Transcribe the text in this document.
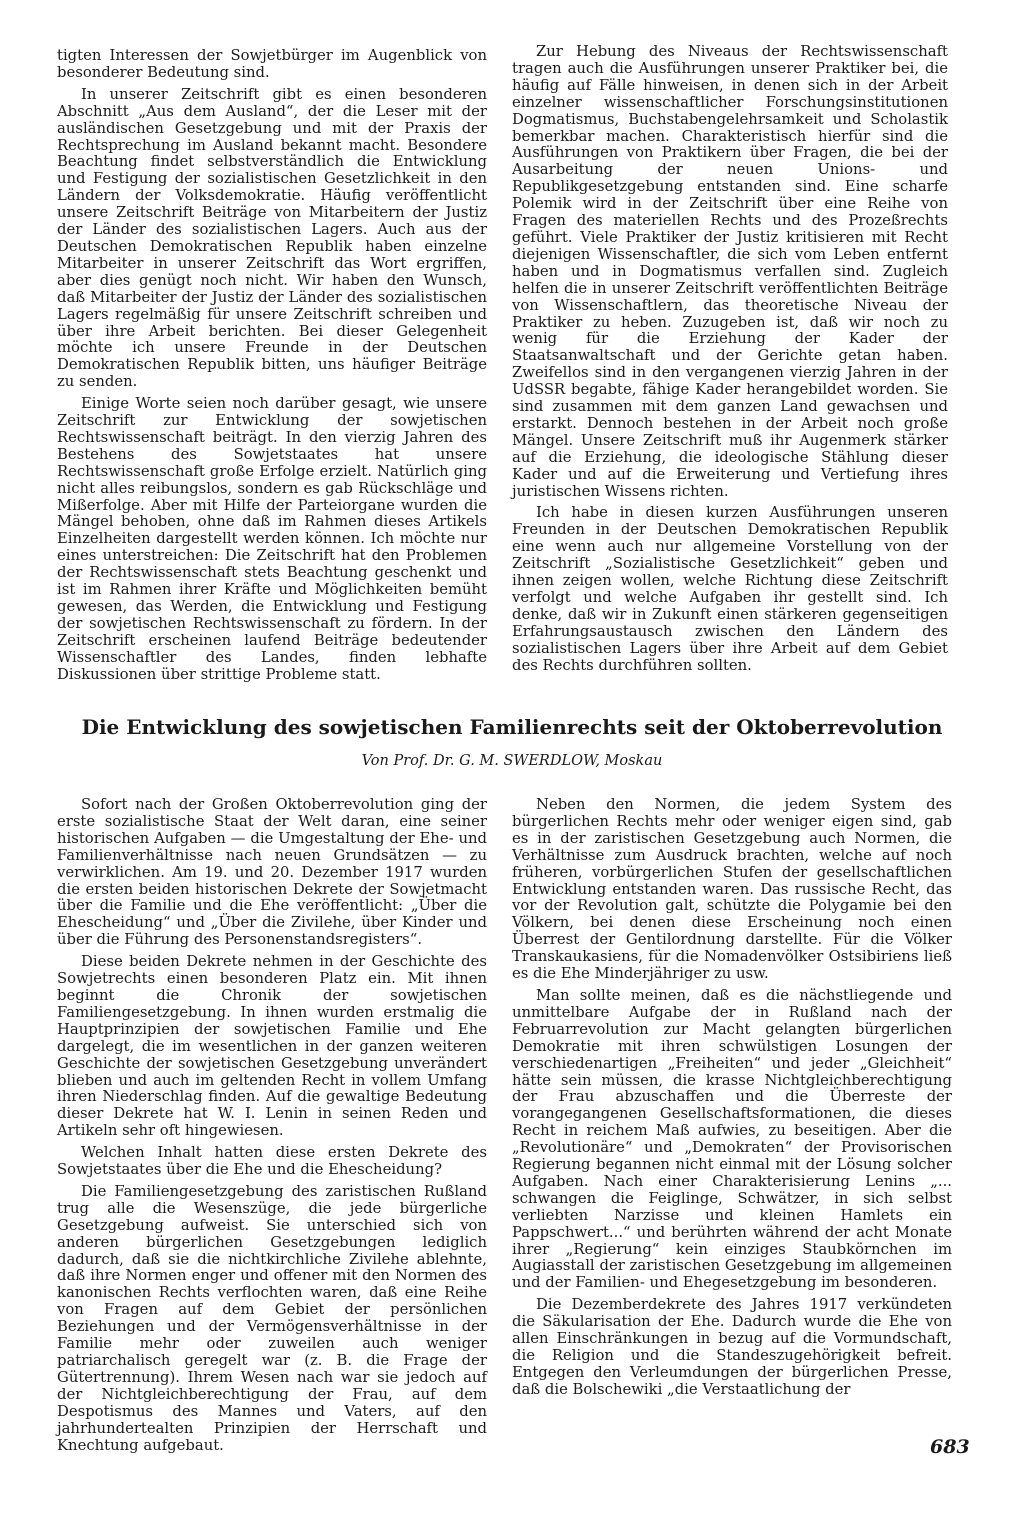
tigten Interessen der Sowjetbürger im Augenblick von besonderer Bedeutung sind.

In unserer Zeitschrift gibt es einen besonderen Abschnitt „Aus dem Ausland“, der die Leser mit der ausländischen Gesetzgebung und mit der Praxis der Rechtsprechung im Ausland bekannt macht. Besondere Beachtung findet selbstverständlich die Entwicklung und Festigung der sozialistischen Gesetzlichkeit in den Ländern der Volksdemokratie. Häufig veröffentlicht unsere Zeitschrift Beiträge von Mitarbeitern der Justiz der Länder des sozialistischen Lagers. Auch aus der Deutschen Demokratischen Republik haben einzelne Mitarbeiter in unserer Zeitschrift das Wort ergriffen, aber dies genügt noch nicht. Wir haben den Wunsch, daß Mitarbeiter der Justiz der Länder des sozialistischen Lagers regelmäßig für unsere Zeitschrift schreiben und über ihre Arbeit berichten. Bei dieser Gelegenheit möchte ich unsere Freunde in der Deutschen Demokratischen Republik bitten, uns häufiger Beiträge zu senden.

Einige Worte seien noch darüber gesagt, wie unsere Zeitschrift zur Entwicklung der sowjetischen Rechtswissenschaft beiträgt. In den vierzig Jahren des Bestehens des Sowjetstaates hat unsere Rechtswissenschaft große Erfolge erzielt. Natürlich ging nicht alles reibungslos, sondern es gab Rückschläge und Mißerfolge. Aber mit Hilfe der Parteiorgane wurden die Mängel behoben, ohne daß im Rahmen dieses Artikels Einzelheiten dargestellt werden können. Ich möchte nur eines unterstreichen: Die Zeitschrift hat den Problemen der Rechtswissenschaft stets Beachtung geschenkt und ist im Rahmen ihrer Kräfte und Möglichkeiten bemüht gewesen, das Werden, die Entwicklung und Festigung der sowjetischen Rechtswissenschaft zu fördern. In der Zeitschrift erscheinen laufend Beiträge bedeutender Wissenschaftler des Landes, finden lebhafte Diskussionen über strittige Probleme statt.

Zur Hebung des Niveaus der Rechtswissenschaft tragen auch die Ausführungen unserer Praktiker bei, die häufig auf Fälle hinweisen, in denen sich in der Arbeit einzelner wissenschaftlicher Forschungsinstitutionen Dogmatismus, Buchstabengelehrsamkeit und Scholastik bemerkbar machen. Charakteristisch hierfür sind die Ausführungen von Praktikern über Fragen, die bei der Ausarbeitung der neuen Unions- und Republikgesetzgebung entstanden sind. Eine scharfe Polemik wird in der Zeitschrift über eine Reihe von Fragen des materiellen Rechts und des Prozeßrechts geführt. Viele Praktiker der Justiz kritisieren mit Recht diejenigen Wissenschaftler, die sich vom Leben entfernt haben und in Dogmatismus verfallen sind. Zugleich helfen die in unserer Zeitschrift veröffentlichten Beiträge von Wissenschaftlern, das theoretische Niveau der Praktiker zu heben. Zuzugeben ist, daß wir noch zu wenig für die Erziehung der Kader der Staatsanwaltschaft und der Gerichte getan haben. Zweifellos sind in den vergangenen vierzig Jahren in der UdSSR begabte, fähige Kader herangebildet worden. Sie sind zusammen mit dem ganzen Land gewachsen und erstarkt. Dennoch bestehen in der Arbeit noch große Mängel. Unsere Zeitschrift muß ihr Augenmerk stärker auf die Erziehung, die ideologische Stählung dieser Kader und auf die Erweiterung und Vertiefung ihres juristischen Wissens richten.

Ich habe in diesen kurzen Ausführungen unseren Freunden in der Deutschen Demokratischen Republik eine wenn auch nur allgemeine Vorstellung von der Zeitschrift „Sozialistische Gesetzlichkeit“ geben und ihnen zeigen wollen, welche Richtung diese Zeitschrift verfolgt und welche Aufgaben ihr gestellt sind. Ich denke, daß wir in Zukunft einen stärkeren gegenseitigen Erfahrungsaustausch zwischen den Ländern des sozialistischen Lagers über ihre Arbeit auf dem Gebiet des Rechts durchführen sollten.

Die Entwicklung des sowjetischen Familienrechts seit der Oktoberrevolution
Von Prof. Dr. G. M. SWERDLOW, Moskau

Sofort nach der Großen Oktoberrevolution ging der erste sozialistische Staat der Welt daran, eine seiner historischen Aufgaben — die Umgestaltung der Ehe- und Familienverhältnisse nach neuen Grundsätzen — zu verwirklichen. Am 19. und 20. Dezember 1917 wurden die ersten beiden historischen Dekrete der Sowjetmacht über die Familie und die Ehe veröffentlicht: „Über die Ehescheidung“ und „Über die Zivilehe, über Kinder und über die Führung des Personenstandsregisters“.

Diese beiden Dekrete nehmen in der Geschichte des Sowjetrechts einen besonderen Platz ein. Mit ihnen beginnt die Chronik der sowjetischen Familiengesetzgebung. In ihnen wurden erstmalig die Hauptprinzipien der sowjetischen Familie und Ehe dargelegt, die im wesentlichen in der ganzen weiteren Geschichte der sowjetischen Gesetzgebung unverändert blieben und auch im geltenden Recht in vollem Umfang ihren Niederschlag finden. Auf die gewaltige Bedeutung dieser Dekrete hat W. I. Lenin in seinen Reden und Artikeln sehr oft hingewiesen.

Welchen Inhalt hatten diese ersten Dekrete des Sowjetstaates über die Ehe und die Ehescheidung?

Die Familiengesetzgebung des zaristischen Rußland trug alle die Wesenszüge, die jede bürgerliche Gesetzgebung aufweist. Sie unterschied sich von anderen bürgerlichen Gesetzgebungen lediglich dadurch, daß sie die nichtkirchliche Zivilehe ablehnte, daß ihre Normen enger und offener mit den Normen des kanonischen Rechts verflochten waren, daß eine Reihe von Fragen auf dem Gebiet der persönlichen Beziehungen und der Vermögensverhältnisse in der Familie mehr oder zuweilen auch weniger patriarchalisch geregelt war (z. B. die Frage der Gütertrennung). Ihrem Wesen nach war sie jedoch auf der Nichtgleichberechtigung der Frau, auf dem Despotismus des Mannes und Vaters, auf den jahrhundertealten Prinzipien der Herrschaft und Knechtung aufgebaut.

Neben den Normen, die jedem System des bürgerlichen Rechts mehr oder weniger eigen sind, gab es in der zaristischen Gesetzgebung auch Normen, die Verhältnisse zum Ausdruck brachten, welche auf noch früheren, vorbürgerlichen Stufen der gesellschaftlichen Entwicklung entstanden waren. Das russische Recht, das vor der Revolution galt, schützte die Polygamie bei den Völkern, bei denen diese Erscheinung noch einen Überrest der Gentilordnung darstellte. Für die Völker Transkaukasiens, für die Nomadenvölker Ostsibiriens ließ es die Ehe Minderjähriger zu usw.

Man sollte meinen, daß es die nächstliegende und unmittelbare Aufgabe der in Rußland nach der Februarrevolution zur Macht gelangten bürgerlichen Demokratie mit ihren schwülstigen Losungen der verschiedenartigen „Freiheiten“ und jeder „Gleichheit“ hätte sein müssen, die krasse Nichtgleichberechtigung der Frau abzuschaffen und die Überreste der vorangegangenen Gesellschaftsformationen, die dieses Recht in reichem Maß aufwies, zu beseitigen. Aber die „Revolutionäre“ und „Demokraten“ der Provisorischen Regierung begannen nicht einmal mit der Lösung solcher Aufgaben. Nach einer Charakterisierung Lenins „... schwangen die Feiglinge, Schwätzer, in sich selbst verliebten Narzisse und kleinen Hamlets ein Pappschwert...“ und berührten während der acht Monate ihrer „Regierung“ kein einziges Staubkörnchen im Augiasstall der zaristischen Gesetzgebung im allgemeinen und der Familien- und Ehegesetzgebung im besonderen.

Die Dezemberdekrete des Jahres 1917 verkündeten die Säkularisation der Ehe. Dadurch wurde die Ehe von allen Einschränkungen in bezug auf die Vormundschaft, die Religion und die Standeszugehörigkeit befreit. Entgegen den Verleumdungen der bürgerlichen Presse, daß die Bolschewiki „die Verstaatlichung der

683
